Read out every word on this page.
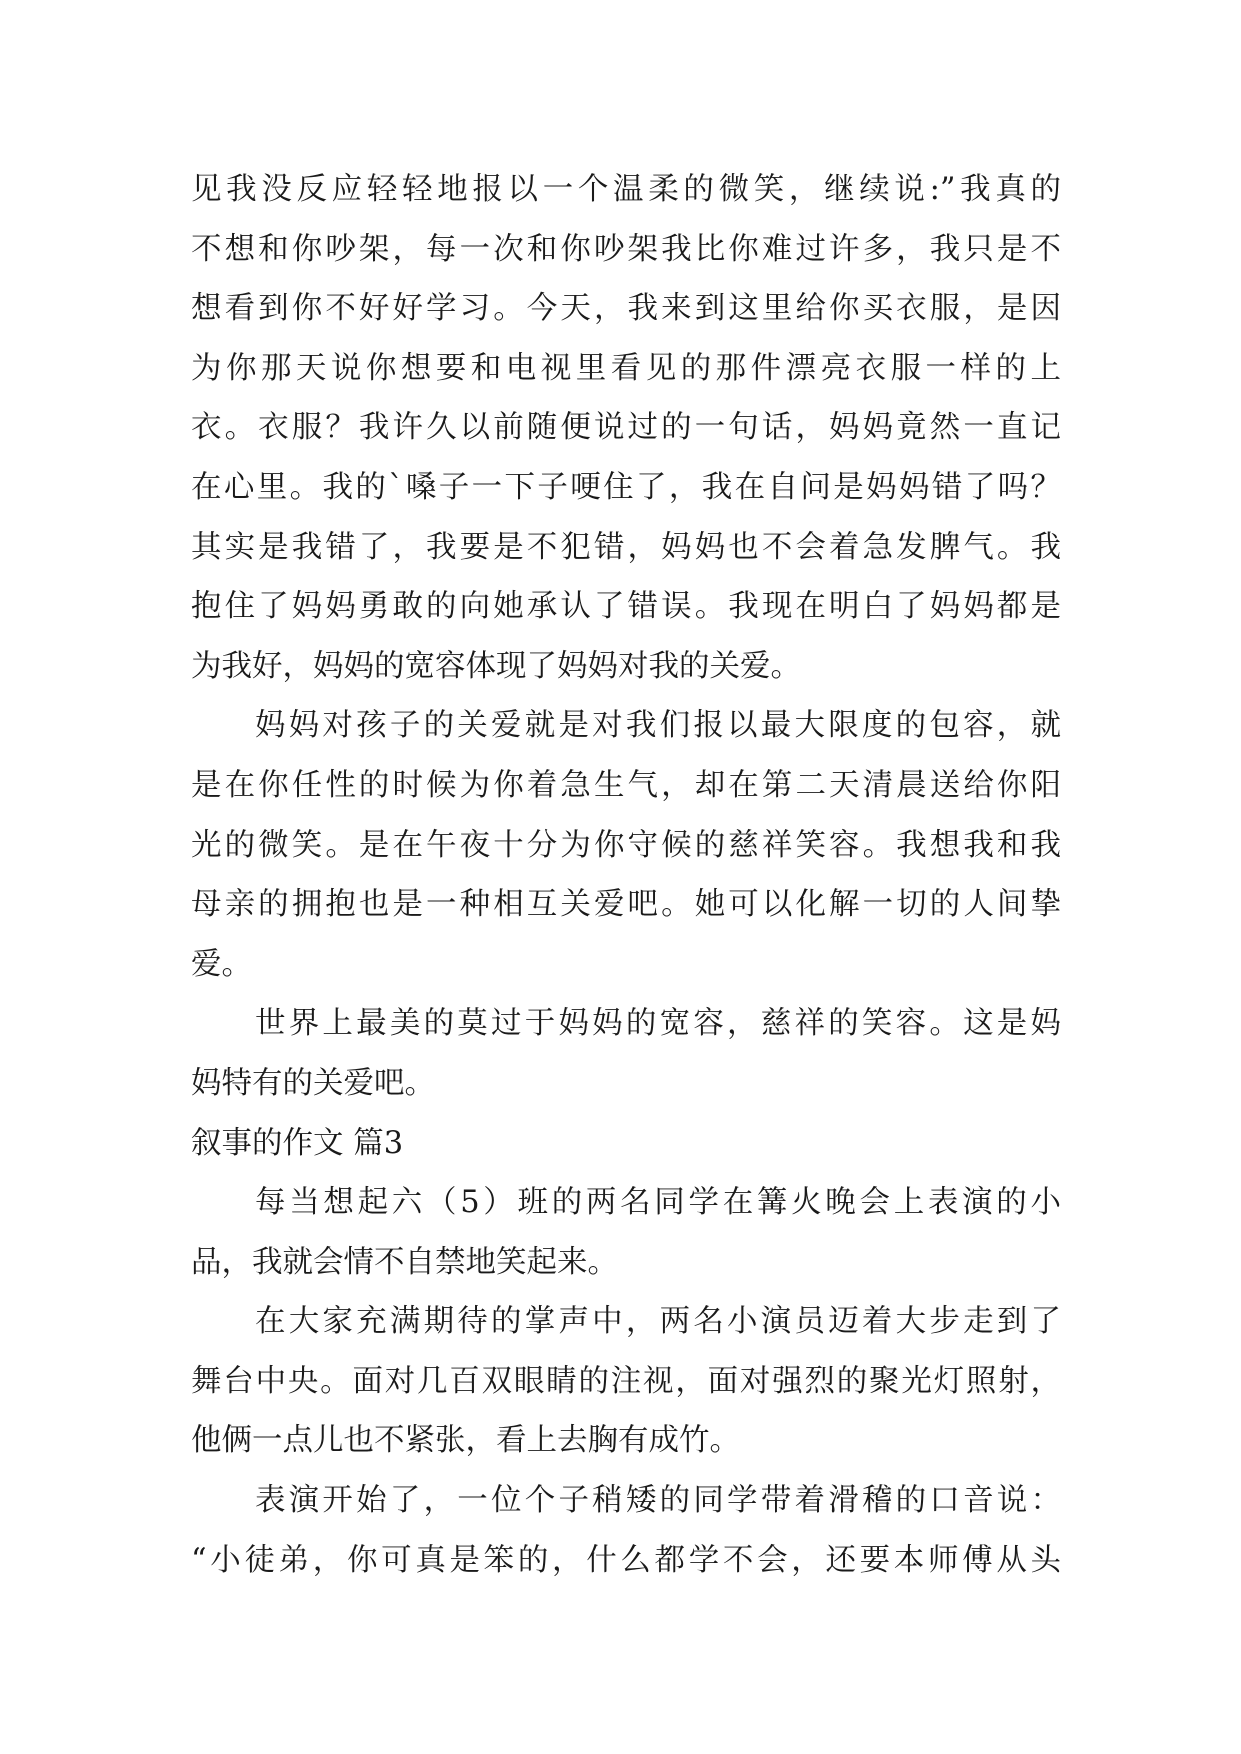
见我没反应轻轻地报以一个温柔的微笑，继续说:”我真的
不想和你吵架，每一次和你吵架我比你难过许多，我只是不
想看到你不好好学习。今天，我来到这里给你买衣服，是因
为你那天说你想要和电视里看见的那件漂亮衣服一样的上
衣。衣服？我许久以前随便说过的一句话，妈妈竟然一直记
在心里。我的`嗓子一下子哽住了，我在自问是妈妈错了吗？
其实是我错了，我要是不犯错，妈妈也不会着急发脾气。我
抱住了妈妈勇敢的向她承认了错误。我现在明白了妈妈都是
为我好，妈妈的宽容体现了妈妈对我的关爱。
妈妈对孩子的关爱就是对我们报以最大限度的包容，就
是在你任性的时候为你着急生气，却在第二天清晨送给你阳
光的微笑。是在午夜十分为你守候的慈祥笑容。我想我和我
母亲的拥抱也是一种相互关爱吧。她可以化解一切的人间挚
爱。
世界上最美的莫过于妈妈的宽容，慈祥的笑容。这是妈
妈特有的关爱吧。
叙事的作文 篇3
每当想起六（5）班的两名同学在篝火晚会上表演的小
品，我就会情不自禁地笑起来。
在大家充满期待的掌声中，两名小演员迈着大步走到了
舞台中央。面对几百双眼睛的注视，面对强烈的聚光灯照射，
他俩一点儿也不紧张，看上去胸有成竹。
表演开始了，一位个子稍矮的同学带着滑稽的口音说：
“小徒弟，你可真是笨的，什么都学不会，还要本师傅从头
